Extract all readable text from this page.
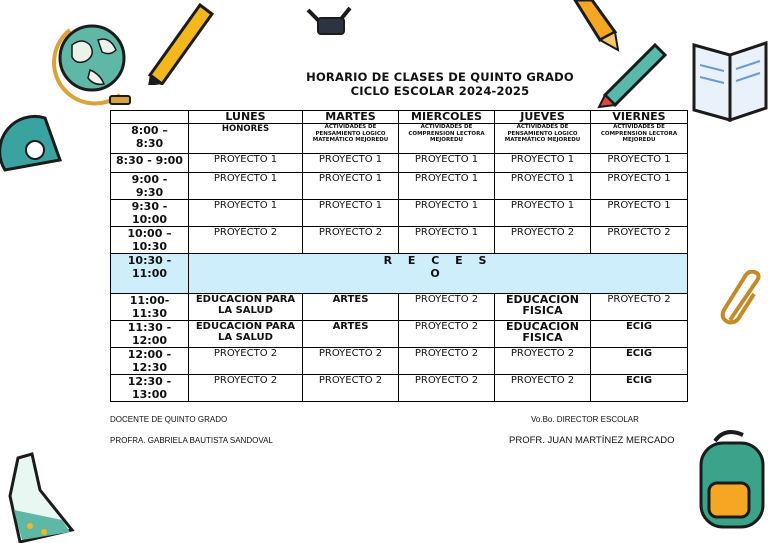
HORARIO DE CLASES DE QUINTO GRADO
CICLO ESCOLAR 2024-2025
	LUNES	MARTES	MIERCOLES	JUEVES	VIERNES
8:00 –
8:30	HONORES	ACTIVIDADES DE PENSAMIENTO LOGICO MATEMÁTICO MEJOREDU	ACTIVIDADES DE COMPRENSION LECTORA MEJOREDU	ACTIVIDADES DE PENSAMIENTO LOGICO MATEMÁTICO MEJOREDU	ACTIVIDADES DE COMPRENSION LECTORA MEJOREDU
8:30 - 9:00	PROYECTO 1	PROYECTO 1	PROYECTO 1	PROYECTO 1	PROYECTO 1
9:00 -
9:30	PROYECTO 1	PROYECTO 1	PROYECTO 1	PROYECTO 1	PROYECTO 1
9:30 -
10:00	PROYECTO 1	PROYECTO 1	PROYECTO 1	PROYECTO 1	PROYECTO 1
10:00 –
10:30	PROYECTO 2	PROYECTO 2	PROYECTO 1	PROYECTO 2	PROYECTO 2
10:30 -
11:00	R E C E S
O				
11:00-
11:30	EDUCACION PARA LA SALUD	ARTES	PROYECTO 2	EDUCACION FISICA	PROYECTO 2
11:30 -
12:00	EDUCACION PARA LA SALUD	ARTES	PROYECTO 2	EDUCACION FISICA	ECIG
12:00 -
12:30	PROYECTO 2	PROYECTO 2	PROYECTO 2	PROYECTO 2	ECIG
12:30 -
13:00	PROYECTO 2	PROYECTO 2	PROYECTO 2	PROYECTO 2	ECIG
DOCENTE DE QUINTO GRADO
PROFRA. GABRIELA BAUTISTA SANDOVAL
Vo.Bo. DIRECTOR ESCOLAR
PROFR. JUAN MARTÍNEZ MERCADO
